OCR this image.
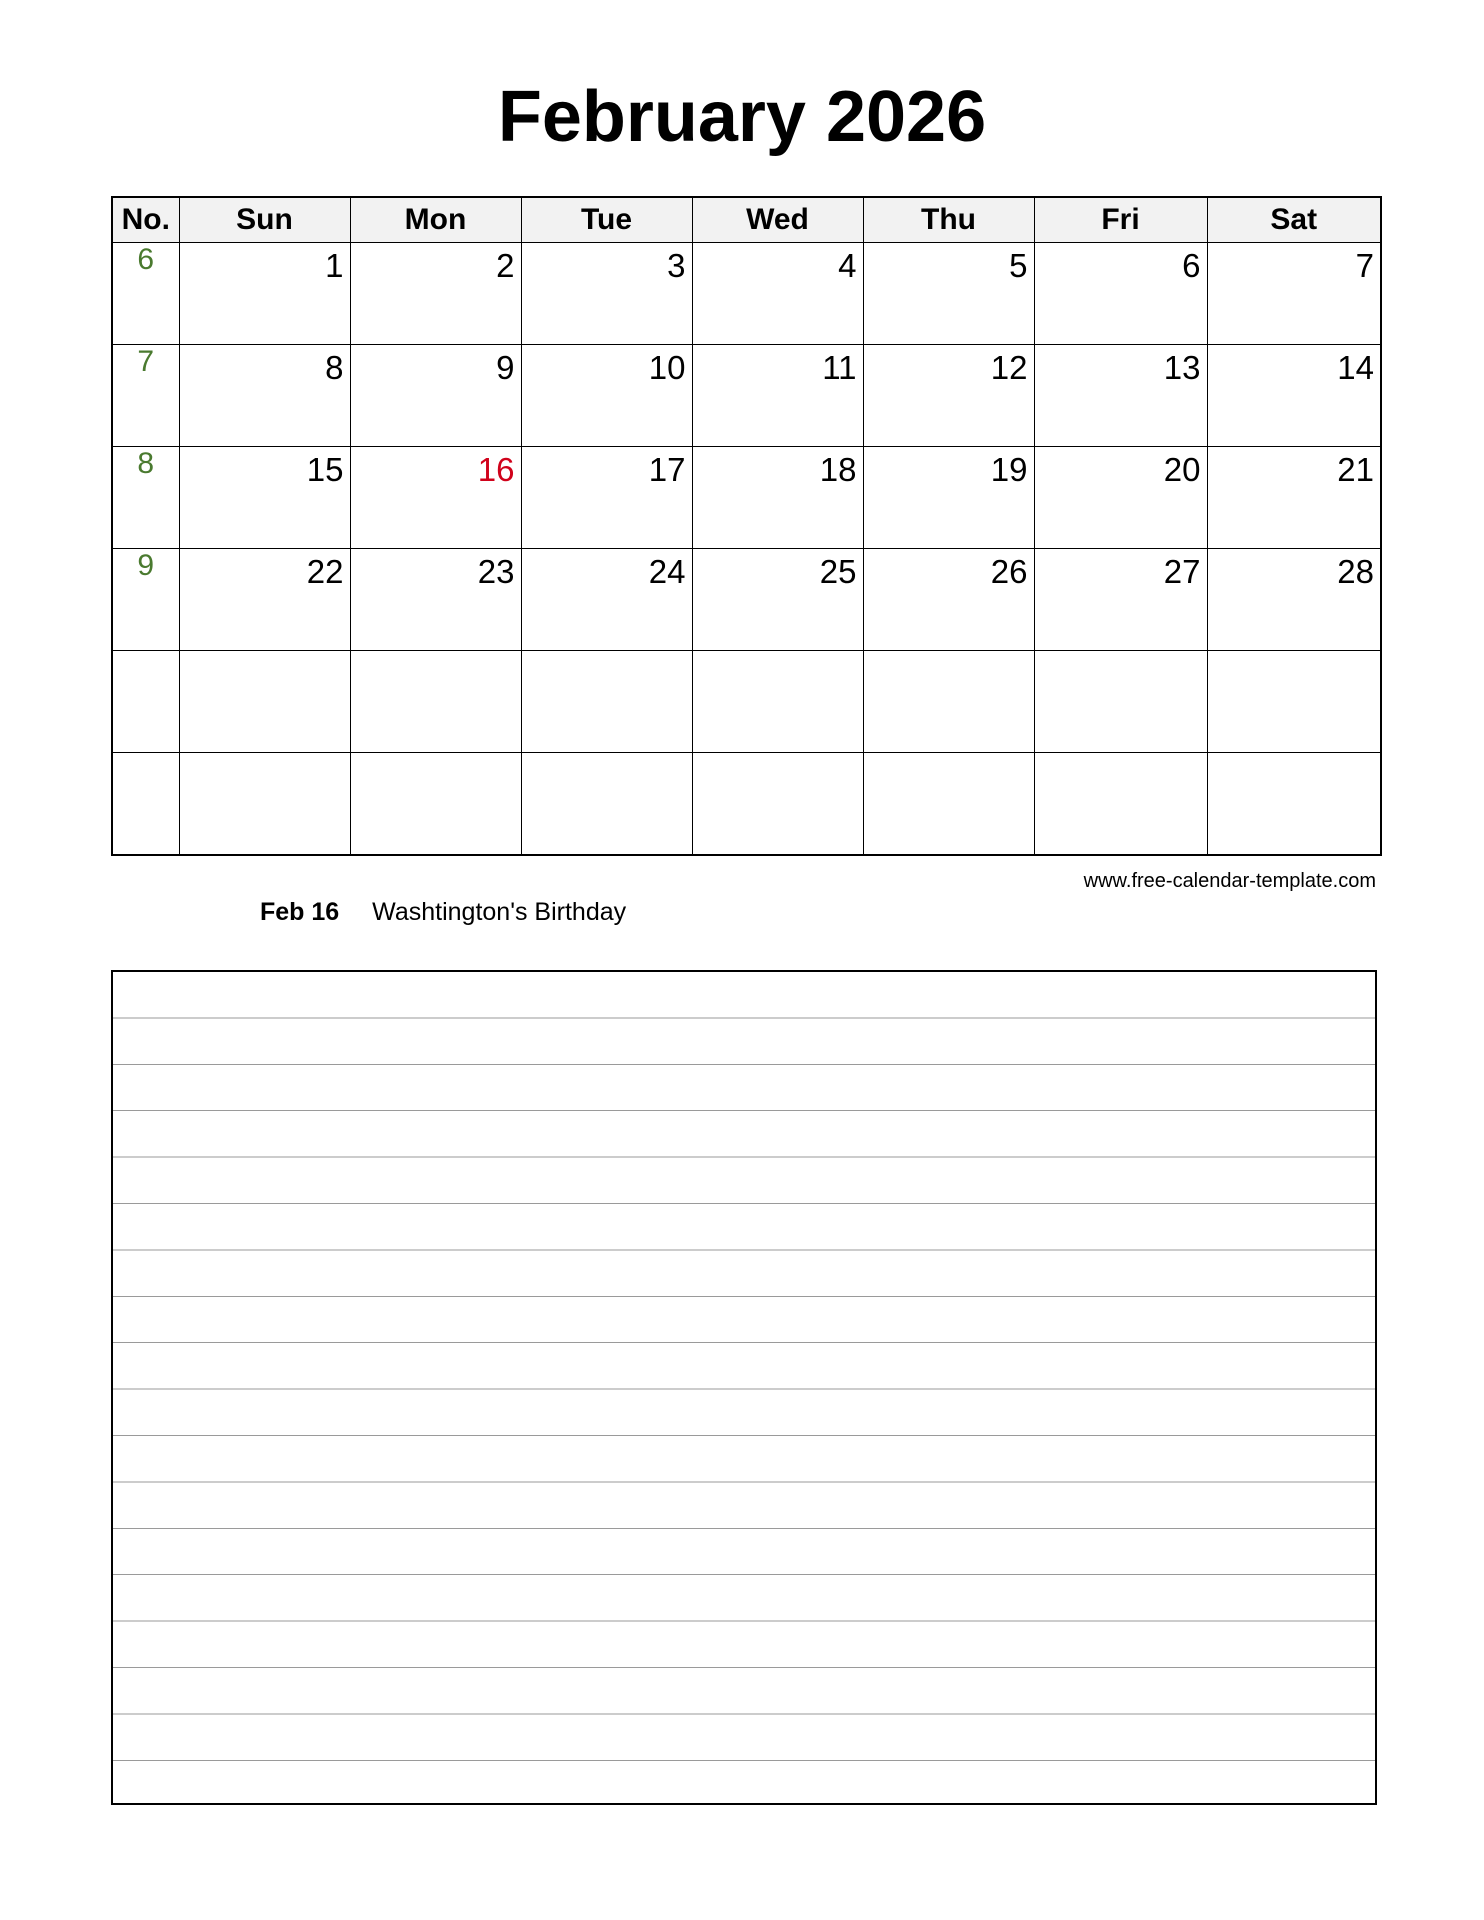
February 2026
No.	Sun	Mon	Tue	Wed	Thu	Fri	Sat

6	1	2	3	4	5	6	7

7	8	9	10	11	12	13	14

8	15	16	17	18	19	20	21

9	22	23	24	25	26	27	28

www.free-calendar-template.com
Feb 16 Washtington's Birthday
